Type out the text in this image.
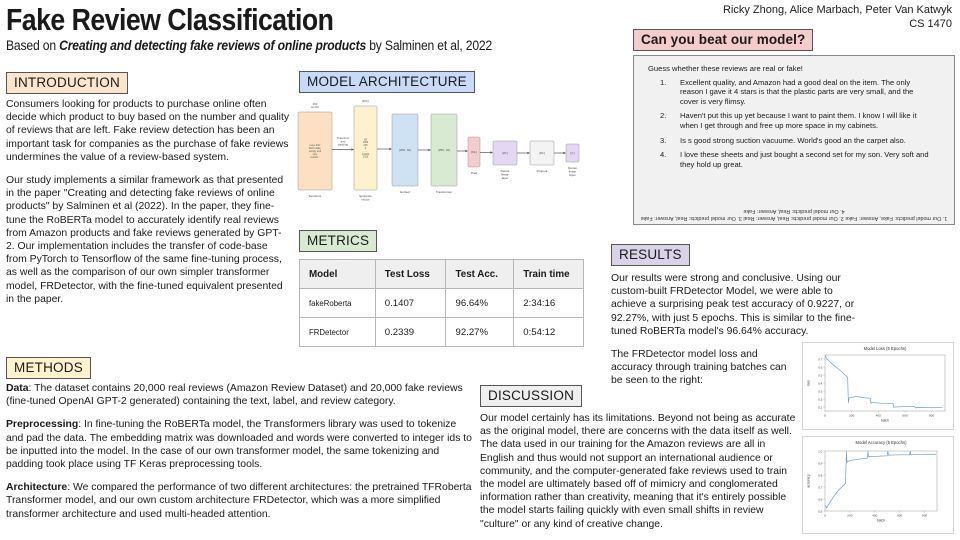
Fake Review Classification
Based on Creating and detecting fake reviews of online products by Salminen et al, 2022
Ricky Zhong, Alice Marbach, Peter Van Katwyk
CS 1470
INTRODUCTION	MODEL ARCHITECTURE
METRICS
METHODS
RESULTS
DISCUSSION
Can you beat our model?

Consumers looking for products to purchase online often decide which product to buy based on the number and quality of reviews that are left. Fake review detection has been an important task for companies as the purchase of fake reviews undermines the value of a review-based system.

Our study implements a similar framework as that presented in the paper "Creating and detecting fake reviews of online products" by Salminen et al (2022). In the paper, they fine-tune the RoBERTa model to accurately identify real reviews from Amazon products and fake reviews generated by GPT-2. Our implementation includes the transfer of code-base from PyTorch to Tensorflow of the same fine-tuning process, as well as the comparison of our own simpler transformer model, FRDetector, with the fine-tuned equivalent presented in the paper.

Data: The dataset contains 20,000 real reviews (Amazon Review Dataset) and 20,000 fake reviews (fine-tuned OpenAI GPT-2 generated) containing the text, label, and review category.

Preprocessing: In fine-tuning the RoBERTa model, the Transformers library was used to tokenize and pad the data. The embedding matrix was downloaded and words were converted to integer ids to be inputted into the model. In the case of our own transformer model, the same tokenizing and padding took place using TF Keras preprocessing tools.

Architecture: We compared the performance of two different architectures: the pretrained TFRoberta Transformer model, and our own custom architecture FRDetector, which was a more simplified transformer architecture and used multi-headed attention.

Our results were strong and conclusive. Using our custom-built FRDetector Model, we were able to achieve a surprising peak test accuracy of 0.9227, or 92.27%, with just 5 epochs. This is similar to the fine-tuned RoBERTa model's 96.64% accuracy.

The FRDetector model loss and accuracy through training batches can be seen to the right:

Our model certainly has its limitations. Beyond not being as accurate as the original model, there are concerns with the data itself as well. The data used in our training for the Amazon reviews are all in English and thus would not support an international audience or community, and the computer-generated fake reviews used to train the model are ultimately based off of mimicry and conglomerated information rather than creativity, meaning that it's entirely possible the model starts failing quickly with even small shifts in review "culture" or any kind of creative change.

Guess whether these reviews are real or fake!
1.	Excellent quality, and Amazon had a good deal on the item. The only reason I gave it 4 stars is that the plastic parts are very small, and the cover is very flimsy.
2.	Haven't put this up yet because I want to paint them. I know I will like it when I get through and free up more space in my cabinets.
3.	Is s good strong suction vacuume. World's good an the carpet also.
4.	I love these sheets and just bought a second set for my son. Very soft and they hold up great.
1. Our model predicts: Fake, Answer: Fake 2. Our model predicts: Real, Answer: Real 3. Our model predicts: Real, Answer: Fake 4. Our model predicts: Real, Answer: Fake
Model	Test Loss	Test Acc.	Train time
fakeRoberta	0.1407	96.64%	2:34:16
FRDetector	0.2339	92.27%	0:54:12
250 words
Love this! Well made, sturdy, and very comfor...
Sentence
(250,)
69 1994 245 3 .... 15192 2026
Sentence vector
(250, 32)
Embed
(250, 32)
Transformer
(32,)
Pool
(20,)
Dense linear layer
(20,)
Dropout
(2,)
Dense linear layer
Tokenizer and padding
Model Loss (5 Epochs)
0.1
0.2
0.3
0.4
0.5
0.6
0.7
0	200	400	600	800
batch
loss
Model Accuracy (5 Epochs)
0.5
0.6
0.7
0.8
0.9
1.0
0	200	400	600	800
batch
accuracy
